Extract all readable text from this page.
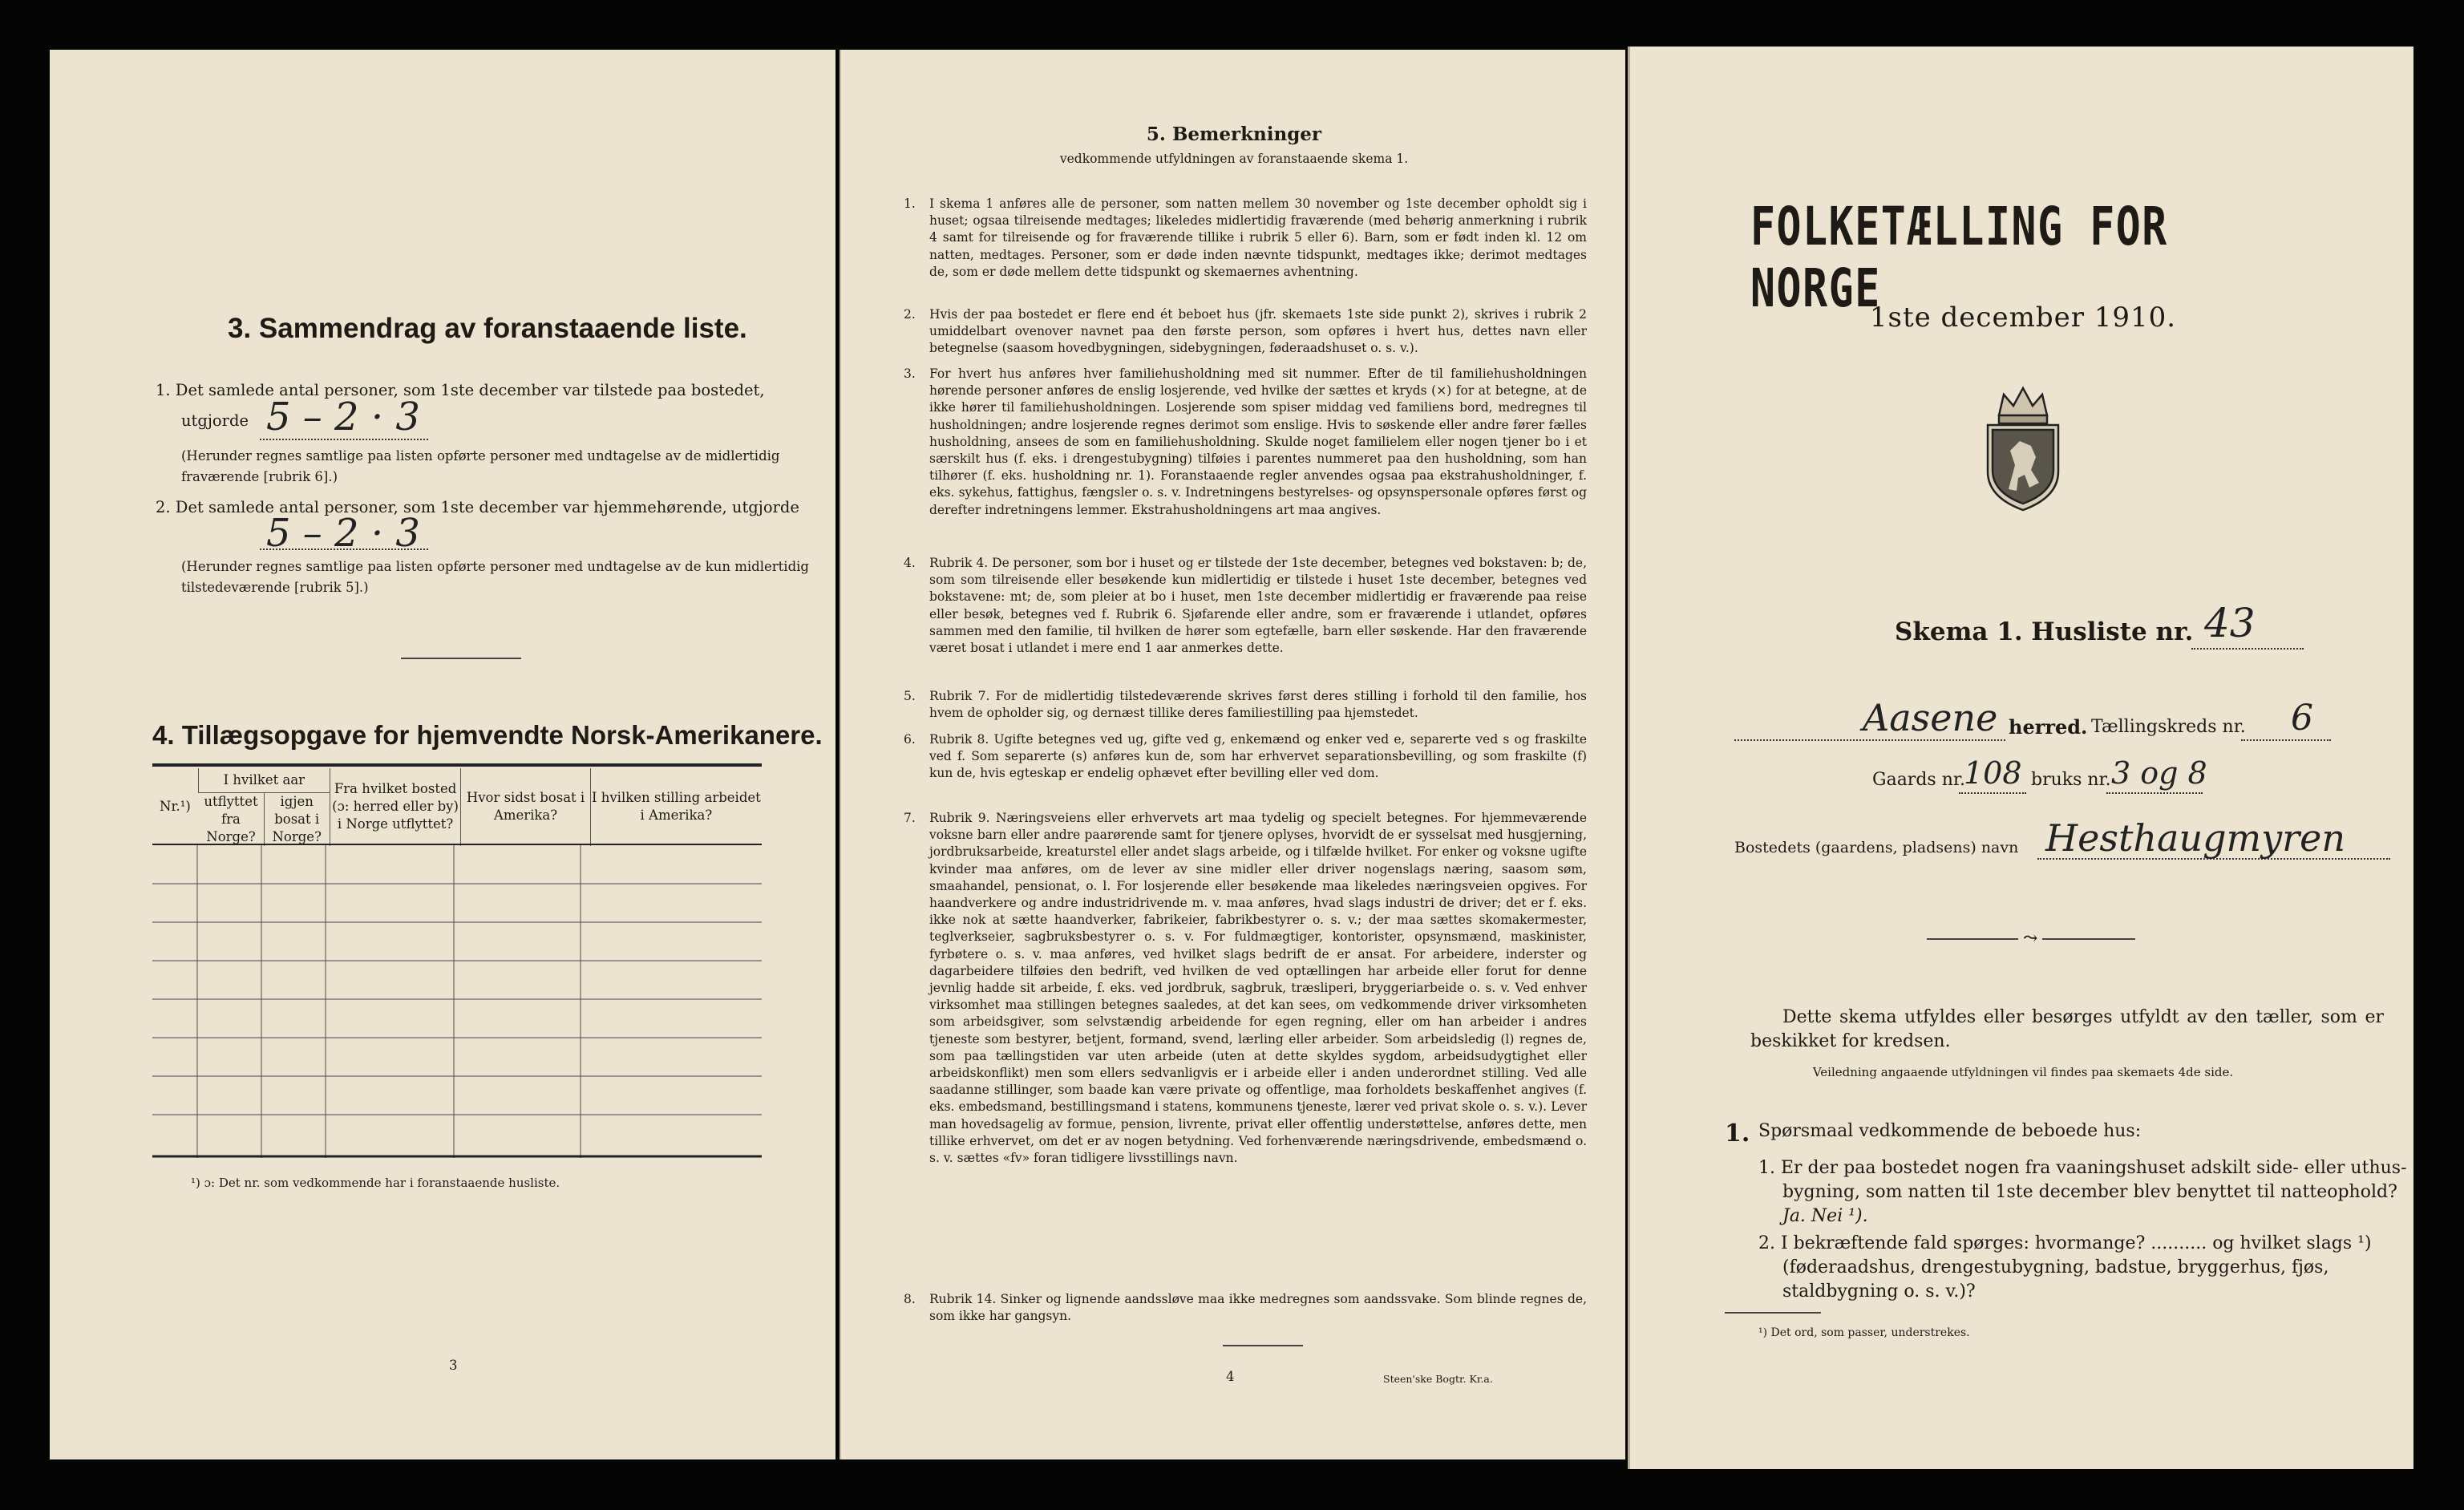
3. Sammendrag av foranstaaende liste.
1. Det samlede antal personer, som 1ste december var tilstede paa bostedet,
utgjorde 5 – 2 · 3
(Herunder regnes samtlige paa listen opførte personer med undtagelse av de midlertidig fraværende [rubrik 6].)
2. Det samlede antal personer, som 1ste december var hjemmehørende, utgjorde
5 – 2 · 3
(Herunder regnes samtlige paa listen opførte personer med undtagelse av de kun midlertidig tilstedeværende [rubrik 5].)
4. Tillægsopgave for hjemvendte Norsk-Amerikanere.
Nr.¹)	I hvilket aar		Fra hvilket bosted (ɔ: herred eller by) i Norge utflyttet?	Hvor sidst bosat i Amerika?	I hvilken stilling arbeidet i Amerika?
	utflyttet fra Norge?	igjen bosat i Norge?			
¹) ɔ: Det nr. som vedkommende har i foranstaaende husliste.
3
5. Bemerkninger
vedkommende utfyldningen av foranstaaende skema 1.
1. I skema 1 anføres alle de personer, som natten mellem 30 november og 1ste december opholdt sig i huset; ogsaa tilreisende medtages; likeledes midlertidig fraværende (med behørig anmerkning i rubrik 4 samt for tilreisende og for fraværende tillike i rubrik 5 eller 6). Barn, som er født inden kl. 12 om natten, medtages. Personer, som er døde inden nævnte tidspunkt, medtages ikke; derimot medtages de, som er døde mellem dette tidspunkt og skemaernes avhentning.
2. Hvis der paa bostedet er flere end ét beboet hus (jfr. skemaets 1ste side punkt 2), skrives i rubrik 2 umiddelbart ovenover navnet paa den første person, som opføres i hvert hus, dettes navn eller betegnelse (saasom hovedbygningen, sidebygningen, føderaadshuset o. s. v.).
3. For hvert hus anføres hver familiehusholdning med sit nummer. Efter de til familiehusholdningen hørende personer anføres de enslig losjerende, ved hvilke der sættes et kryds (×) for at betegne, at de ikke hører til familiehusholdningen. Losjerende som spiser middag ved familiens bord, medregnes til husholdningen; andre losjerende regnes derimot som enslige. Hvis to søskende eller andre fører fælles husholdning, ansees de som en familiehusholdning. Skulde noget familielem eller nogen tjener bo i et særskilt hus (f. eks. i drengestubygning) tilføies i parentes nummeret paa den husholdning, som han tilhører (f. eks. husholdning nr. 1). Foranstaaende regler anvendes ogsaa paa ekstrahusholdninger, f. eks. sykehus, fattighus, fængsler o. s. v. Indretningens bestyrelses- og opsynspersonale opføres først og derefter indretningens lemmer. Ekstrahusholdningens art maa angives.
4. Rubrik 4. De personer, som bor i huset og er tilstede der 1ste december, betegnes ved bokstaven: b; de, som som tilreisende eller besøkende kun midlertidig er tilstede i huset 1ste december, betegnes ved bokstavene: mt; de, som pleier at bo i huset, men 1ste december midlertidig er fraværende paa reise eller besøk, betegnes ved f. Rubrik 6. Sjøfarende eller andre, som er fraværende i utlandet, opføres sammen med den familie, til hvilken de hører som egtefælle, barn eller søskende. Har den fraværende været bosat i utlandet i mere end 1 aar anmerkes dette.
5. Rubrik 7. For de midlertidig tilstedeværende skrives først deres stilling i forhold til den familie, hos hvem de opholder sig, og dernæst tillike deres familiestilling paa hjemstedet.
6. Rubrik 8. Ugifte betegnes ved ug, gifte ved g, enkemænd og enker ved e, separerte ved s og fraskilte ved f. Som separerte (s) anføres kun de, som har erhvervet separationsbevilling, og som fraskilte (f) kun de, hvis egteskap er endelig ophævet efter bevilling eller ved dom.
7. Rubrik 9. Næringsveiens eller erhvervets art maa tydelig og specielt betegnes. For hjemmeværende voksne barn eller andre paarørende samt for tjenere oplyses, hvorvidt de er sysselsat med husgjerning, jordbruksarbeide, kreaturstel eller andet slags arbeide, og i tilfælde hvilket. For enker og voksne ugifte kvinder maa anføres, om de lever av sine midler eller driver nogenslags næring, saasom søm, smaahandel, pensionat, o. l. For losjerende eller besøkende maa likeledes næringsveien opgives. For haandverkere og andre industridrivende m. v. maa anføres, hvad slags industri de driver; det er f. eks. ikke nok at sætte haandverker, fabrikeier, fabrikbestyrer o. s. v.; der maa sættes skomakermester, teglverkseier, sagbruksbestyrer o. s. v. For fuldmægtiger, kontorister, opsynsmænd, maskinister, fyrbøtere o. s. v. maa anføres, ved hvilket slags bedrift de er ansat. For arbeidere, inderster og dagarbeidere tilføies den bedrift, ved hvilken de ved optællingen har arbeide eller forut for denne jevnlig hadde sit arbeide, f. eks. ved jordbruk, sagbruk, træsliperi, bryggeriarbeide o. s. v. Ved enhver virksomhet maa stillingen betegnes saaledes, at det kan sees, om vedkommende driver virksomheten som arbeidsgiver, som selvstændig arbeidende for egen regning, eller om han arbeider i andres tjeneste som bestyrer, betjent, formand, svend, lærling eller arbeider. Som arbeidsledig (l) regnes de, som paa tællingstiden var uten arbeide (uten at dette skyldes sygdom, arbeidsudygtighet eller arbeidskonflikt) men som ellers sedvanligvis er i arbeide eller i anden underordnet stilling. Ved alle saadanne stillinger, som baade kan være private og offentlige, maa forholdets beskaffenhet angives (f. eks. embedsmand, bestillingsmand i statens, kommunens tjeneste, lærer ved privat skole o. s. v.). Lever man hovedsagelig av formue, pension, livrente, privat eller offentlig understøttelse, anføres dette, men tillike erhvervet, om det er av nogen betydning. Ved forhenværende næringsdrivende, embedsmænd o. s. v. sættes «fv» foran tidligere livsstillings navn.
8. Rubrik 14. Sinker og lignende aandssløve maa ikke medregnes som aandssvake. Som blinde regnes de, som ikke har gangsyn.
4	Steen'ske Bogtr. Kr.a.
FOLKETÆLLING FOR NORGE
1ste december 1910.
Skema 1. Husliste nr. 43
Aasene herred. Tællingskreds nr. 6
Gaards nr.
108 bruks nr. 3 og 8
Bostedets (gaardens, pladsens) navn Hesthaugmyren
⤳
Dette skema utfyldes eller besørges utfyldt av den tæller, som er beskikket for kredsen.
Veiledning angaaende utfyldningen vil findes paa skemaets 4de side.
1. Spørsmaal vedkommende de beboede hus:
1. Er der paa bostedet nogen fra vaaningshuset adskilt side- eller uthus-bygning, som natten til 1ste december blev benyttet til natteophold? Ja. Nei ¹).
2. I bekræftende fald spørges: hvormange? .......... og hvilket slags ¹) (føderaadshus, drengestubygning, badstue, bryggerhus, fjøs, staldbygning o. s. v.)?
¹) Det ord, som passer, understrekes.
